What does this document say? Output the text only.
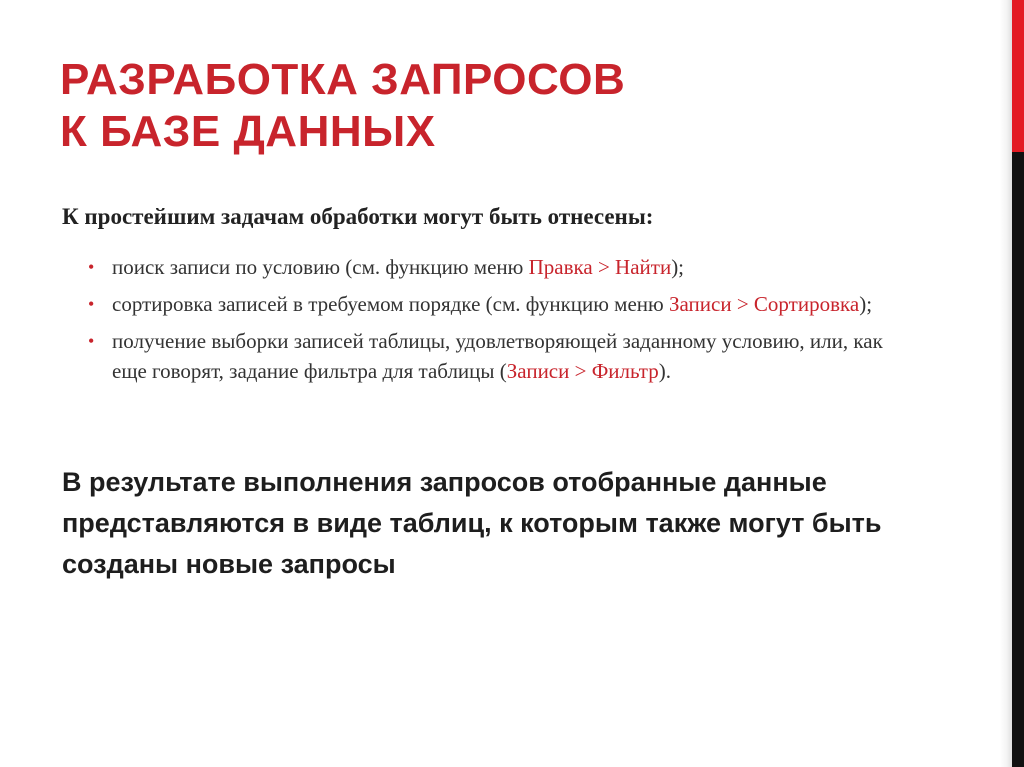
РАЗРАБОТКА ЗАПРОСОВ
К БАЗЕ ДАННЫХ

К простейшим задачам обработки могут быть отнесены:

• поиск записи по условию (см. функцию меню Правка > Найти);
• сортировка записей в требуемом порядке (см. функцию меню Записи > Сортировка);
• получение выборки записей таблицы, удовлетворяющей заданному условию, или, как еще говорят, задание фильтра для таблицы (Записи > Фильтр).

В результате выполнения запросов отобранные данные представляются в виде таблиц, к которым также могут быть созданы новые запросы
